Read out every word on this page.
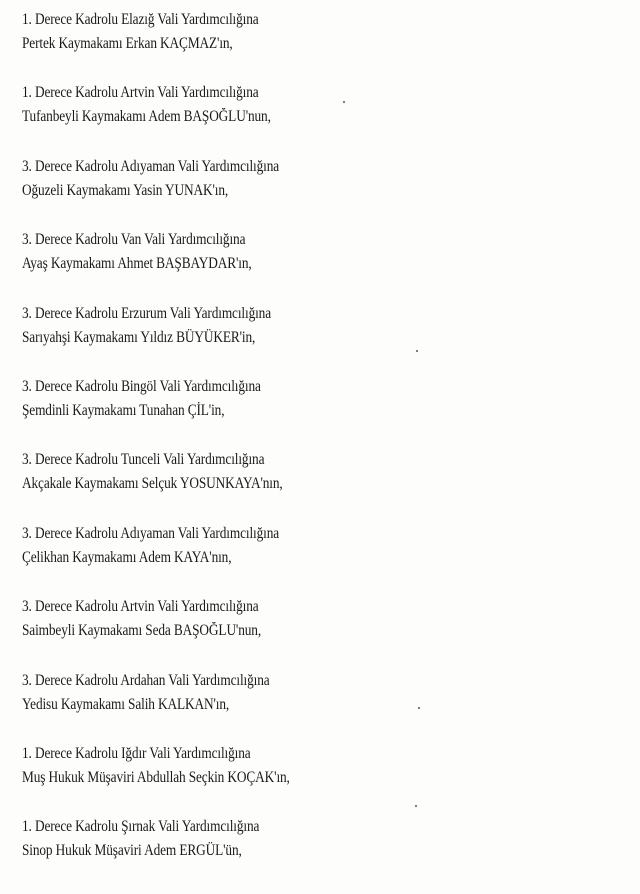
1. Derece Kadrolu Elazığ Vali Yardımcılığına
Pertek Kaymakamı Erkan KAÇMAZ'ın,
1. Derece Kadrolu Artvin Vali Yardımcılığına
Tufanbeyli Kaymakamı Adem BAŞOĞLU'nun,
3. Derece Kadrolu Adıyaman Vali Yardımcılığına
Oğuzeli Kaymakamı Yasin YUNAK'ın,
3. Derece Kadrolu Van Vali Yardımcılığına
Ayaş Kaymakamı Ahmet BAŞBAYDAR'ın,
3. Derece Kadrolu Erzurum Vali Yardımcılığına
Sarıyahşi Kaymakamı Yıldız BÜYÜKER'in,
3. Derece Kadrolu Bingöl Vali Yardımcılığına
Şemdinli Kaymakamı Tunahan ÇİL'in,
3. Derece Kadrolu Tunceli Vali Yardımcılığına
Akçakale Kaymakamı Selçuk YOSUNKAYA'nın,
3. Derece Kadrolu Adıyaman Vali Yardımcılığına
Çelikhan Kaymakamı Adem KAYA'nın,
3. Derece Kadrolu Artvin Vali Yardımcılığına
Saimbeyli Kaymakamı Seda BAŞOĞLU'nun,
3. Derece Kadrolu Ardahan Vali Yardımcılığına
Yedisu Kaymakamı Salih KALKAN'ın,
1. Derece Kadrolu Iğdır Vali Yardımcılığına
Muş Hukuk Müşaviri Abdullah Seçkin KOÇAK'ın,
1. Derece Kadrolu Şırnak Vali Yardımcılığına
Sinop Hukuk Müşaviri Adem ERGÜL'ün,
